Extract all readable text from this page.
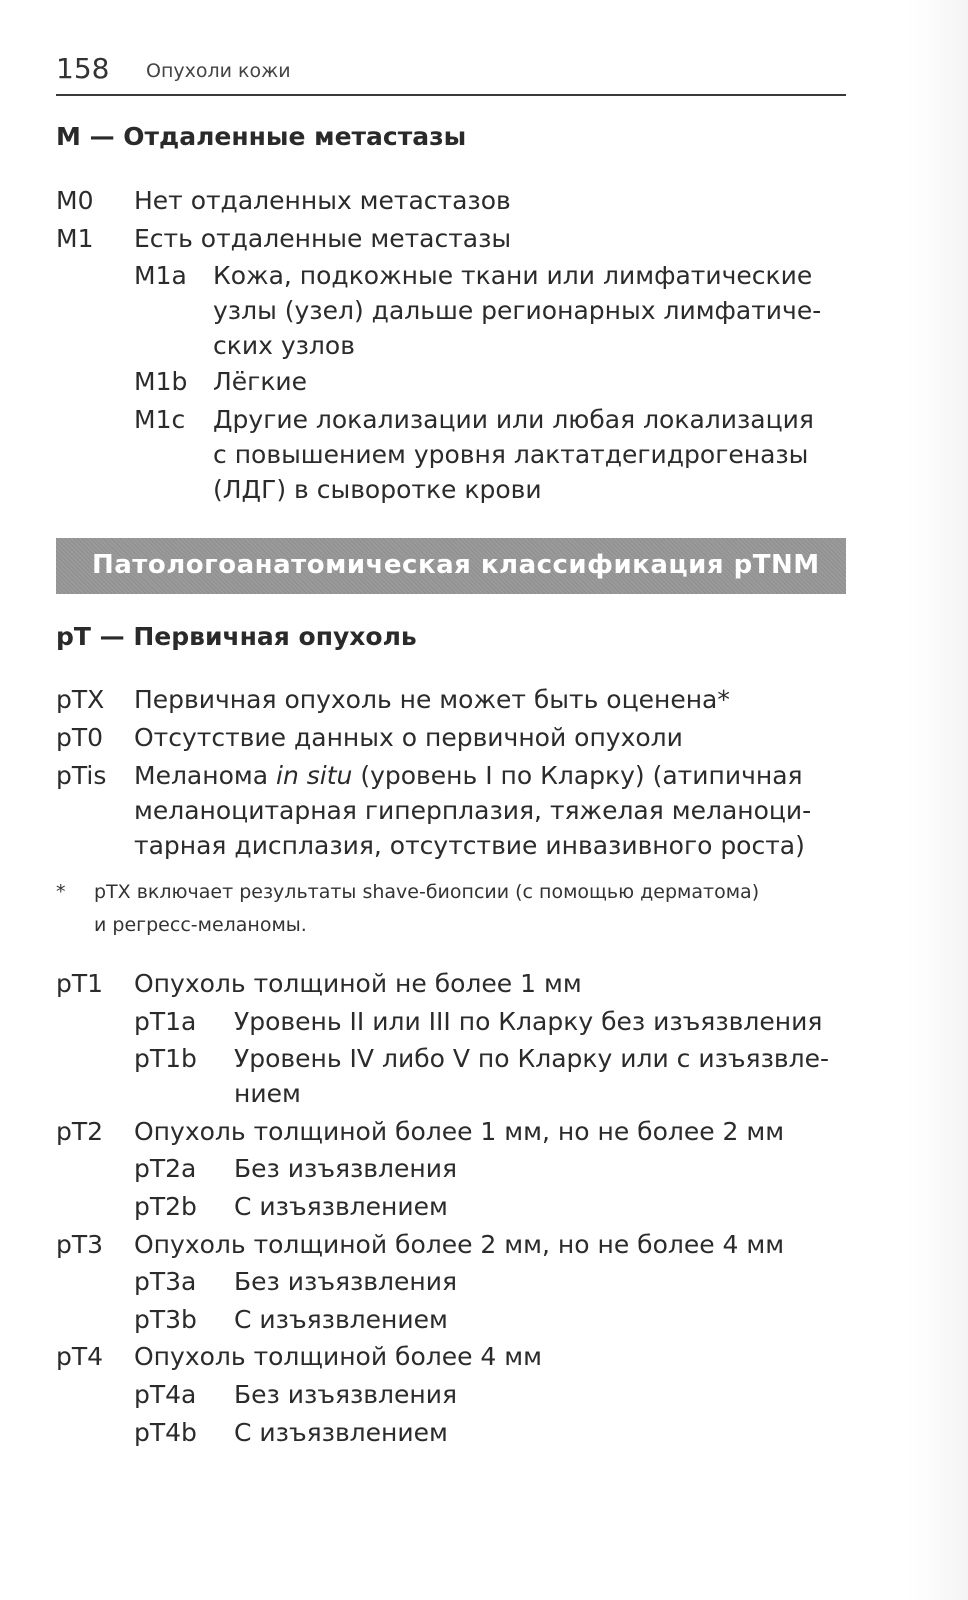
158 Опухоли кожи
M — Отдаленные метастазы
M0 Нет отдаленных метастазов
M1 Есть отдаленные метастазы
M1a Кожа, подкожные ткани или лимфатические
узлы (узел) дальше регионарных лимфатиче-
ских узлов
M1b Лёгкие
M1c Другие локализации или любая локализация
с повышением уровня лактатдегидрогеназы
(ЛДГ) в сыворотке крови
Патологоанатомическая классификация pTNM
pT — Первичная опухоль
pTX Первичная опухоль не может быть оценена*
pT0 Отсутствие данных о первичной опухоли
pTis Меланома in situ (уровень I по Кларку) (атипичная
меланоцитарная гиперплазия, тяжелая меланоци-
тарная дисплазия, отсутствие инвазивного роста)
* pTX включает результаты shave-биопсии (с помощью дерматома)
и регресс-меланомы.
pT1 Опухоль толщиной не более 1 мм
pT1a Уровень II или III по Кларку без изъязвления
pT1b Уровень IV либо V по Кларку или с изъязвле-
нием
pT2 Опухоль толщиной более 1 мм, но не более 2 мм
pT2a Без изъязвления
pT2b С изъязвлением
pT3 Опухоль толщиной более 2 мм, но не более 4 мм
pT3a Без изъязвления
pT3b С изъязвлением
pT4 Опухоль толщиной более 4 мм
pT4a Без изъязвления
pT4b С изъязвлением
